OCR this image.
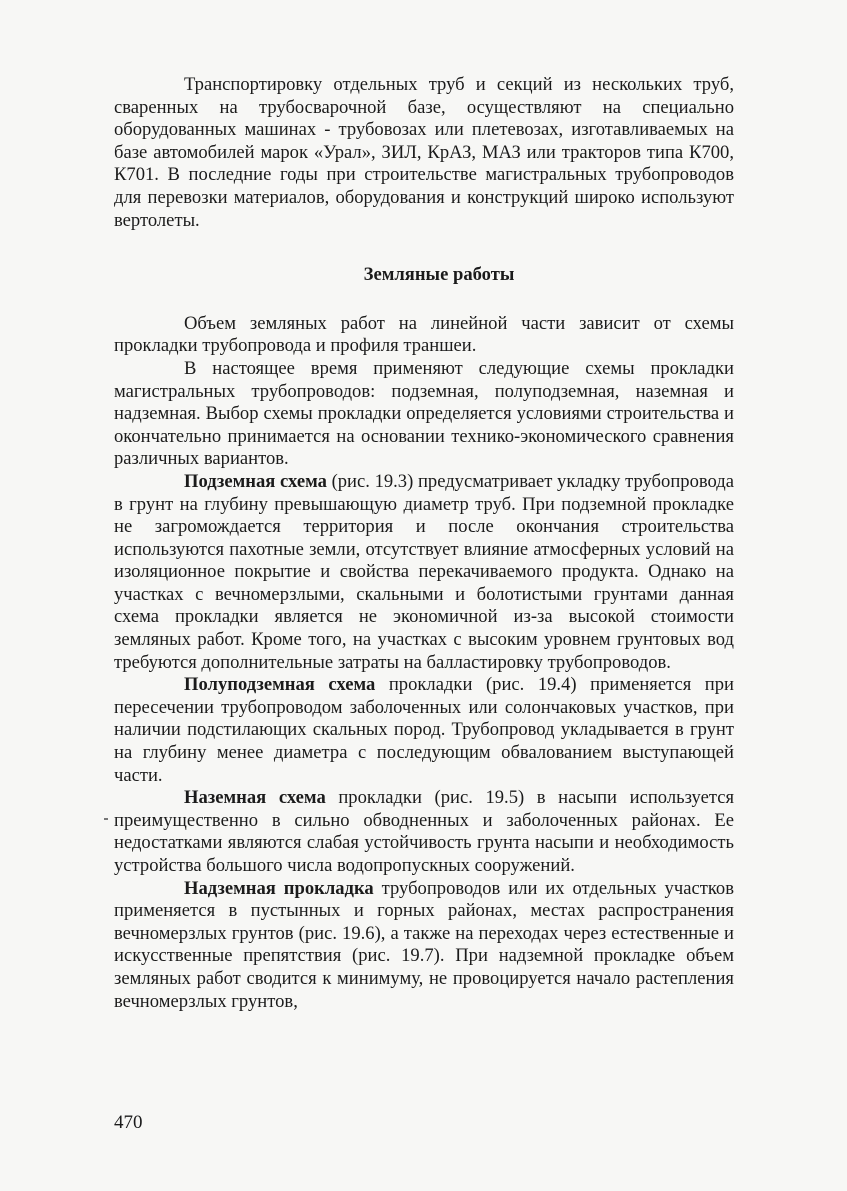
Транспортировку отдельных труб и секций из нескольких труб, сваренных на трубосварочной базе, осуществляют на специально оборудованных машинах - трубовозах или плетевозах, изготавливаемых на базе автомобилей марок «Урал», ЗИЛ, КрАЗ, МАЗ или тракторов типа К700, К701. В последние годы при строительстве магистральных трубопроводов для перевозки материалов, оборудования и конструкций широко используют вертолеты.

Земляные работы

Объем земляных работ на линейной части зависит от схемы прокладки трубопровода и профиля траншеи.

В настоящее время применяют следующие схемы прокладки магистральных трубопроводов: подземная, полуподземная, наземная и надземная. Выбор схемы прокладки определяется условиями строительства и окончательно принимается на основании технико-экономического сравнения различных вариантов.

Подземная схема (рис. 19.3) предусматривает укладку трубопровода в грунт на глубину превышающую диаметр труб. При подземной прокладке не загромождается территория и после окончания строительства используются пахотные земли, отсутствует влияние атмосферных условий на изоляционное покрытие и свойства перекачиваемого продукта. Однако на участках с вечномерзлыми, скальными и болотистыми грунтами данная схема прокладки является не экономичной из-за высокой стоимости земляных работ. Кроме того, на участках с высоким уровнем грунтовых вод требуются дополнительные затраты на балластировку трубопроводов.

Полуподземная схема прокладки (рис. 19.4) применяется при пересечении трубопроводом заболоченных или солончаковых участков, при наличии подстилающих скальных пород. Трубопровод укладывается в грунт на глубину менее диаметра с последующим обвалованием выступающей части.

Наземная схема прокладки (рис. 19.5) в насыпи используется преимущественно в сильно обводненных и заболоченных районах. Ее недостатками являются слабая устойчивость грунта насыпи и необходимость устройства большого числа водопропускных сооружений.

Надземная прокладка трубопроводов или их отдельных участков применяется в пустынных и горных районах, местах распространения вечномерзлых грунтов (рис. 19.6), а также на переходах через естественные и искусственные препятствия (рис. 19.7). При надземной прокладке объем земляных работ сводится к минимуму, не провоцируется начало растепления вечномерзлых грунтов,

470
